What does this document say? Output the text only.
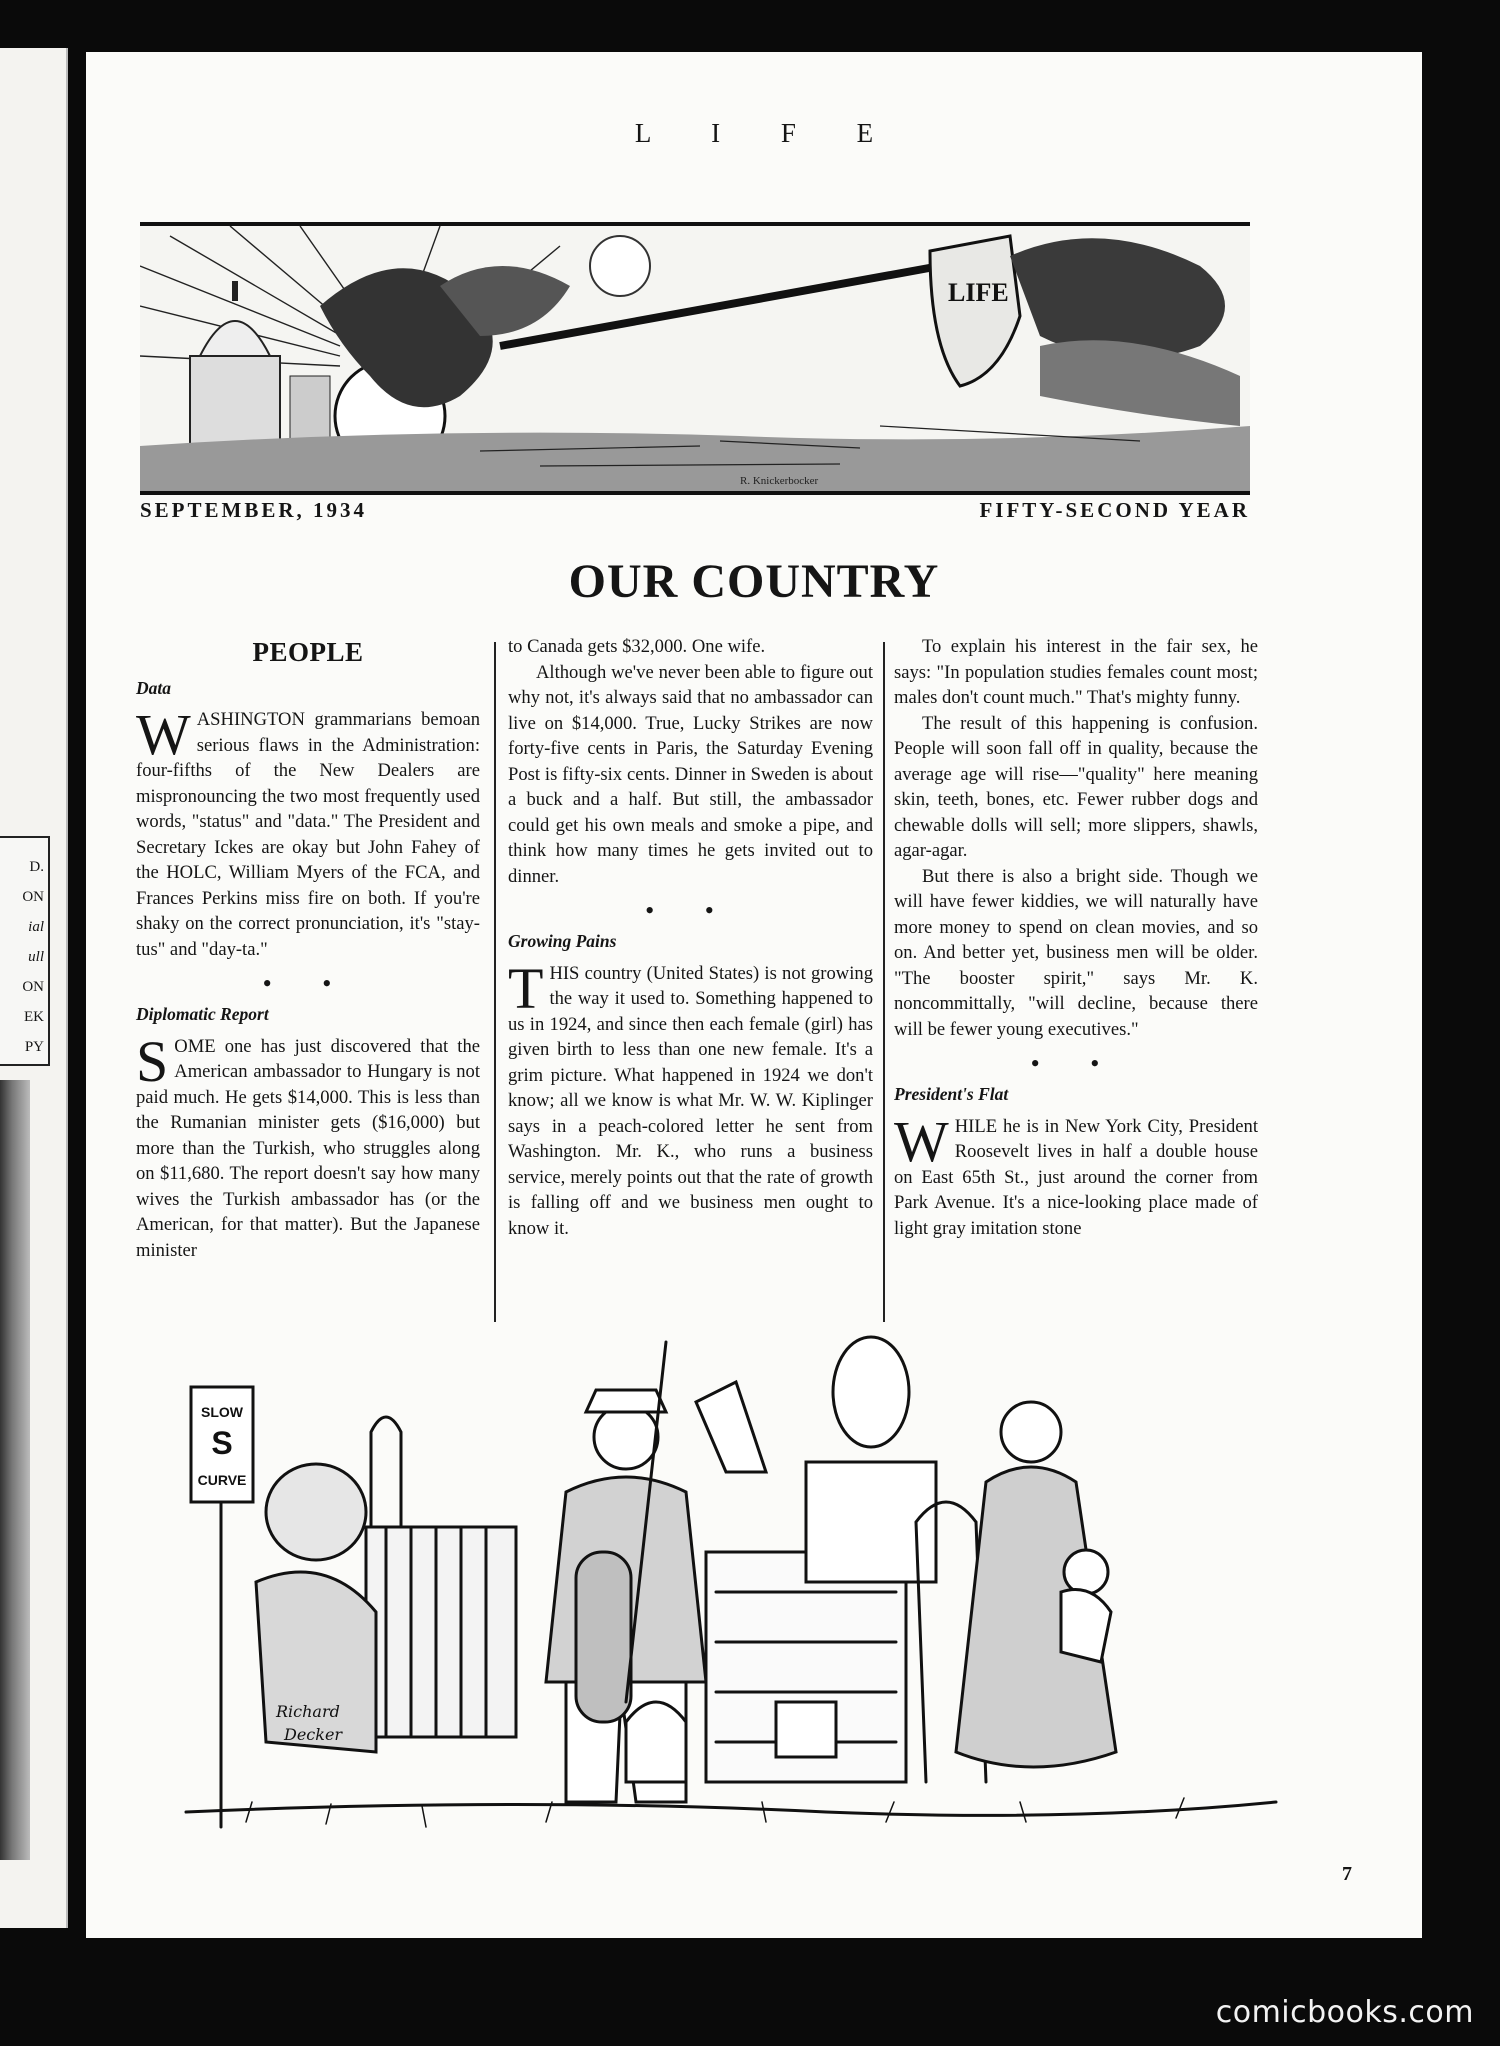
D.
ON
ial
ull
ON
EK
PY
L I F E
LIFE
R. Knickerbocker
SEPTEMBER, 1934	FIFTY-SECOND YEAR
OUR COUNTRY
PEOPLE
Data

WASHINGTON grammarians bemoan serious flaws in the Administration: four-fifths of the New Dealers are mispronouncing the two most frequently used words, "status" and "data." The President and Secretary Ickes are okay but John Fahey of the HOLC, William Myers of the FCA, and Frances Perkins miss fire on both. If you're shaky on the correct pronunciation, it's "stay-tus" and "day-ta."

• •
Diplomatic Report

SOME one has just discovered that the American ambassador to Hungary is not paid much. He gets $14,000. This is less than the Rumanian minister gets ($16,000) but more than the Turkish, who struggles along on $11,680. The report doesn't say how many wives the Turkish ambassador has (or the American, for that matter). But the Japanese minister

to Canada gets $32,000. One wife.

Although we've never been able to figure out why not, it's always said that no ambassador can live on $14,000. True, Lucky Strikes are now forty-five cents in Paris, the Saturday Evening Post is fifty-six cents. Dinner in Sweden is about a buck and a half. But still, the ambassador could get his own meals and smoke a pipe, and think how many times he gets invited out to dinner.

• •
Growing Pains

THIS country (United States) is not growing the way it used to. Something happened to us in 1924, and since then each female (girl) has given birth to less than one new female. It's a grim picture. What happened in 1924 we don't know; all we know is what Mr. W. W. Kiplinger says in a peach-colored letter he sent from Washington. Mr. K., who runs a business service, merely points out that the rate of growth is falling off and we business men ought to know it.

To explain his interest in the fair sex, he says: "In population studies females count most; males don't count much." That's mighty funny.

The result of this happening is confusion. People will soon fall off in quality, because the average age will rise—"quality" here meaning skin, teeth, bones, etc. Fewer rubber dogs and chewable dolls will sell; more slippers, shawls, agar-agar.

But there is also a bright side. Though we will have fewer kiddies, we will naturally have more money to spend on clean movies, and so on. And better yet, business men will be older. "The booster spirit," says Mr. K. noncommittally, "will decline, because there will be fewer young executives."

• •
President's Flat

WHILE he is in New York City, President Roosevelt lives in half a double house on East 65th St., just around the corner from Park Avenue. It's a nice-looking place made of light gray imitation stone

SLOW
S
CURVE
Richard
Decker
7
comicbooks.com
